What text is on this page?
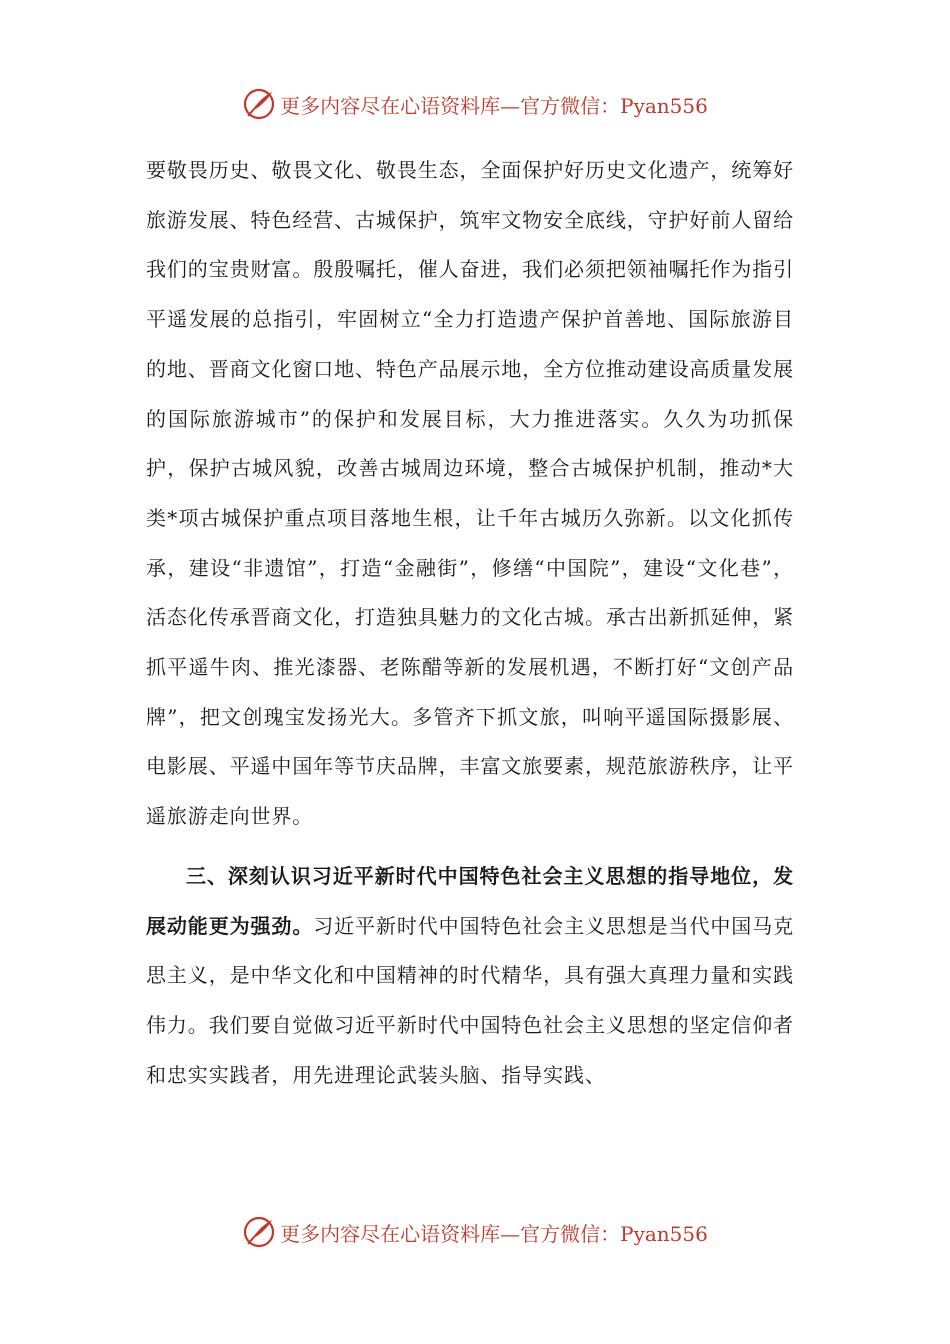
更多内容尽在心语资料库—官方微信：Pyan556

要敬畏历史、敬畏文化、敬畏生态，全面保护好历史文化遗产，统筹好旅游发展、特色经营、古城保护，筑牢文物安全底线，守护好前人留给我们的宝贵财富。殷殷嘱托，催人奋进，我们必须把领袖嘱托作为指引平遥发展的总指引，牢固树立“全力打造遗产保护首善地、国际旅游目的地、晋商文化窗口地、特色产品展示地，全方位推动建设高质量发展的国际旅游城市”的保护和发展目标，大力推进落实。久久为功抓保护，保护古城风貌，改善古城周边环境，整合古城保护机制，推动*大类*项古城保护重点项目落地生根，让千年古城历久弥新。以文化抓传承，建设“非遗馆”，打造“金融街”，修缮“中国院”，建设“文化巷”，活态化传承晋商文化，打造独具魅力的文化古城。承古出新抓延伸，紧抓平遥牛肉、推光漆器、老陈醋等新的发展机遇，不断打好“文创产品牌”，把文创瑰宝发扬光大。多管齐下抓文旅，叫响平遥国际摄影展、电影展、平遥中国年等节庆品牌，丰富文旅要素，规范旅游秩序，让平遥旅游走向世界。

三、深刻认识习近平新时代中国特色社会主义思想的指导地位，发展动能更为强劲。习近平新时代中国特色社会主义思想是当代中国马克思主义，是中华文化和中国精神的时代精华，具有强大真理力量和实践伟力。我们要自觉做习近平新时代中国特色社会主义思想的坚定信仰者和忠实实践者，用先进理论武装头脑、指导实践、

更多内容尽在心语资料库—官方微信：Pyan556
